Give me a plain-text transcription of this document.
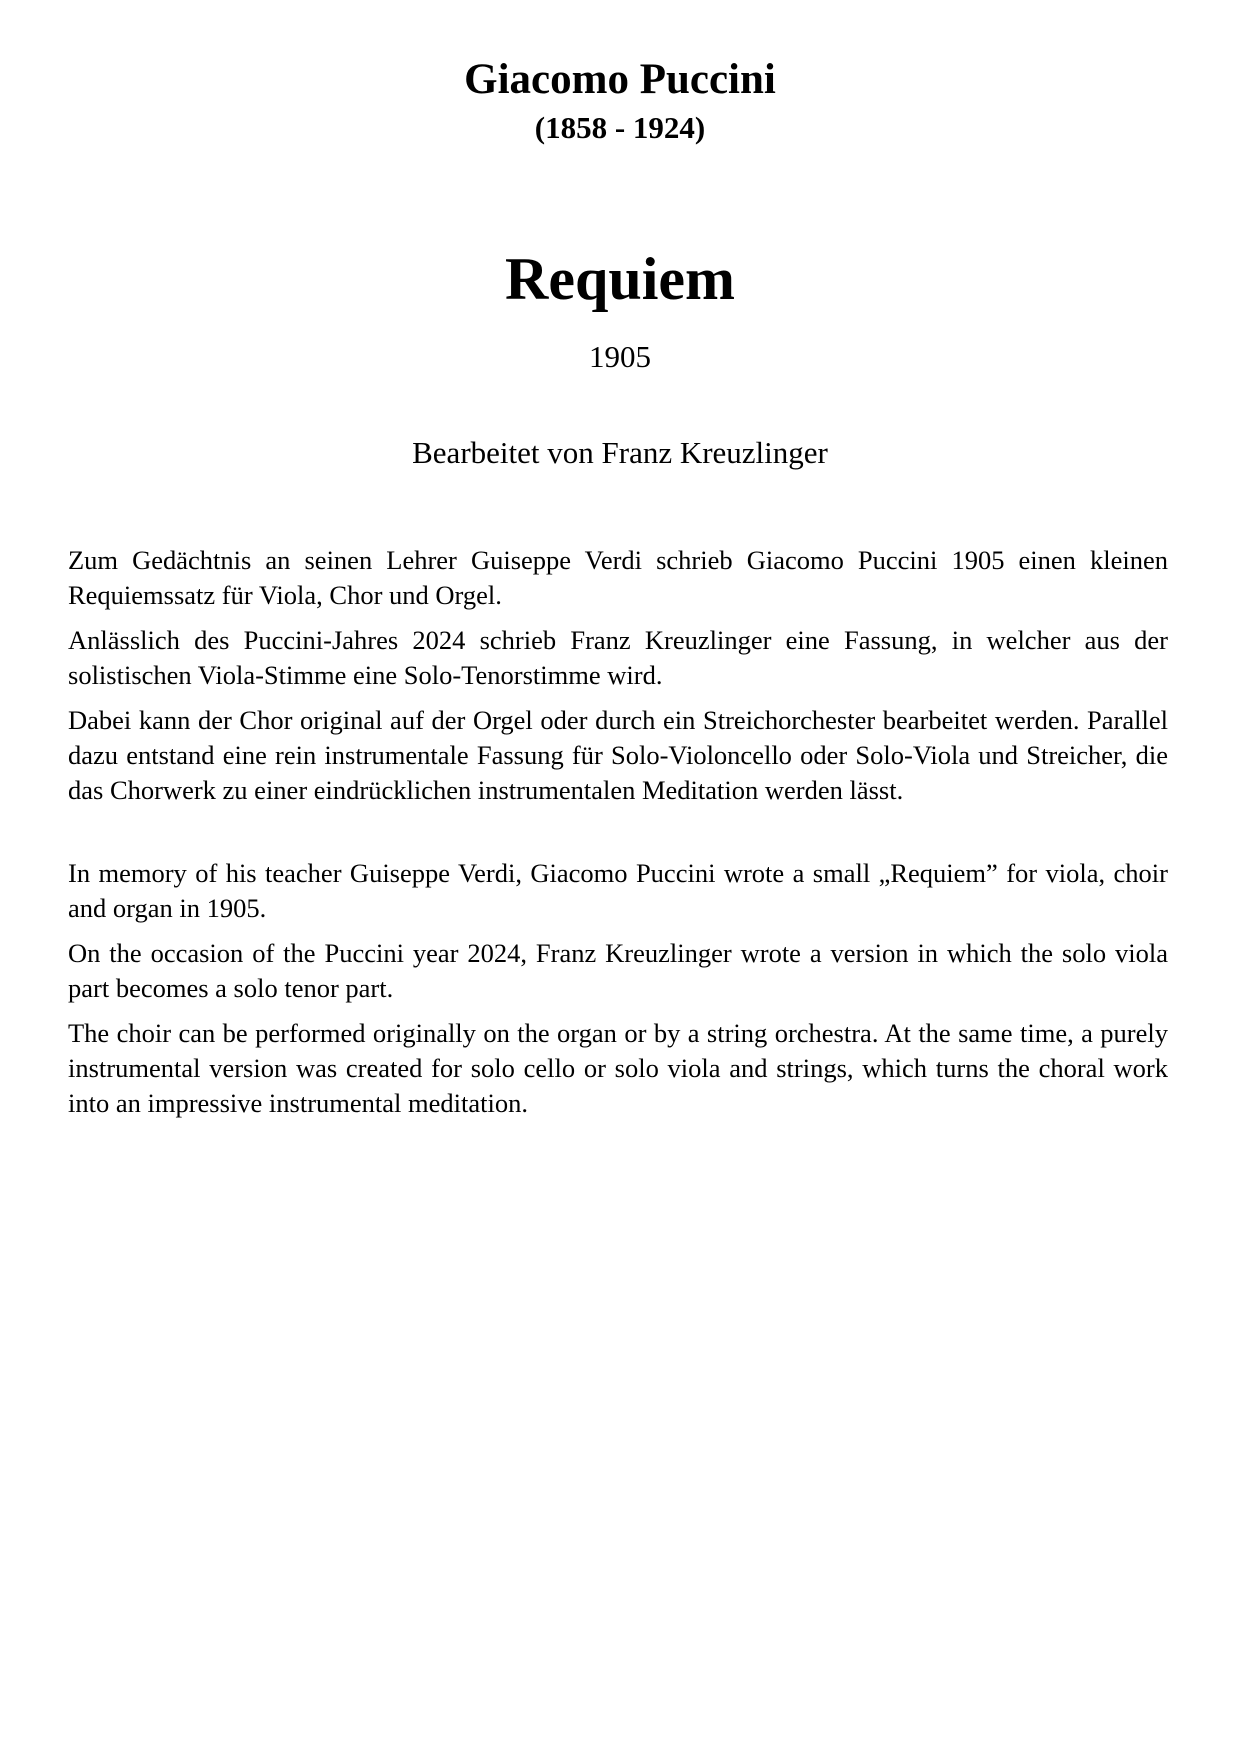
Giacomo Puccini
(1858 - 1924)
Requiem
1905
Bearbeitet von Franz Kreuzlinger

Zum Gedächtnis an seinen Lehrer Guiseppe Verdi schrieb Giacomo Puccini 1905 einen kleinen Requiemssatz für Viola, Chor und Orgel.

Anlässlich des Puccini-Jahres 2024 schrieb Franz Kreuzlinger eine Fassung, in welcher aus der solistischen Viola-Stimme eine Solo-Tenorstimme wird.

Dabei kann der Chor original auf der Orgel oder durch ein Streichorchester bearbeitet werden. Parallel dazu entstand eine rein instrumentale Fassung für Solo-Violoncello oder Solo-Viola und Streicher, die das Chorwerk zu einer eindrücklichen instrumentalen Meditation werden lässt.

In memory of his teacher Guiseppe Verdi, Giacomo Puccini wrote a small „Requiem” for viola, choir and organ in 1905.

On the occasion of the Puccini year 2024, Franz Kreuzlinger wrote a version in which the solo viola part becomes a solo tenor part.

The choir can be performed originally on the organ or by a string orchestra. At the same time, a purely instrumental version was created for solo cello or solo viola and strings, which turns the choral work into an impressive instrumental meditation.
